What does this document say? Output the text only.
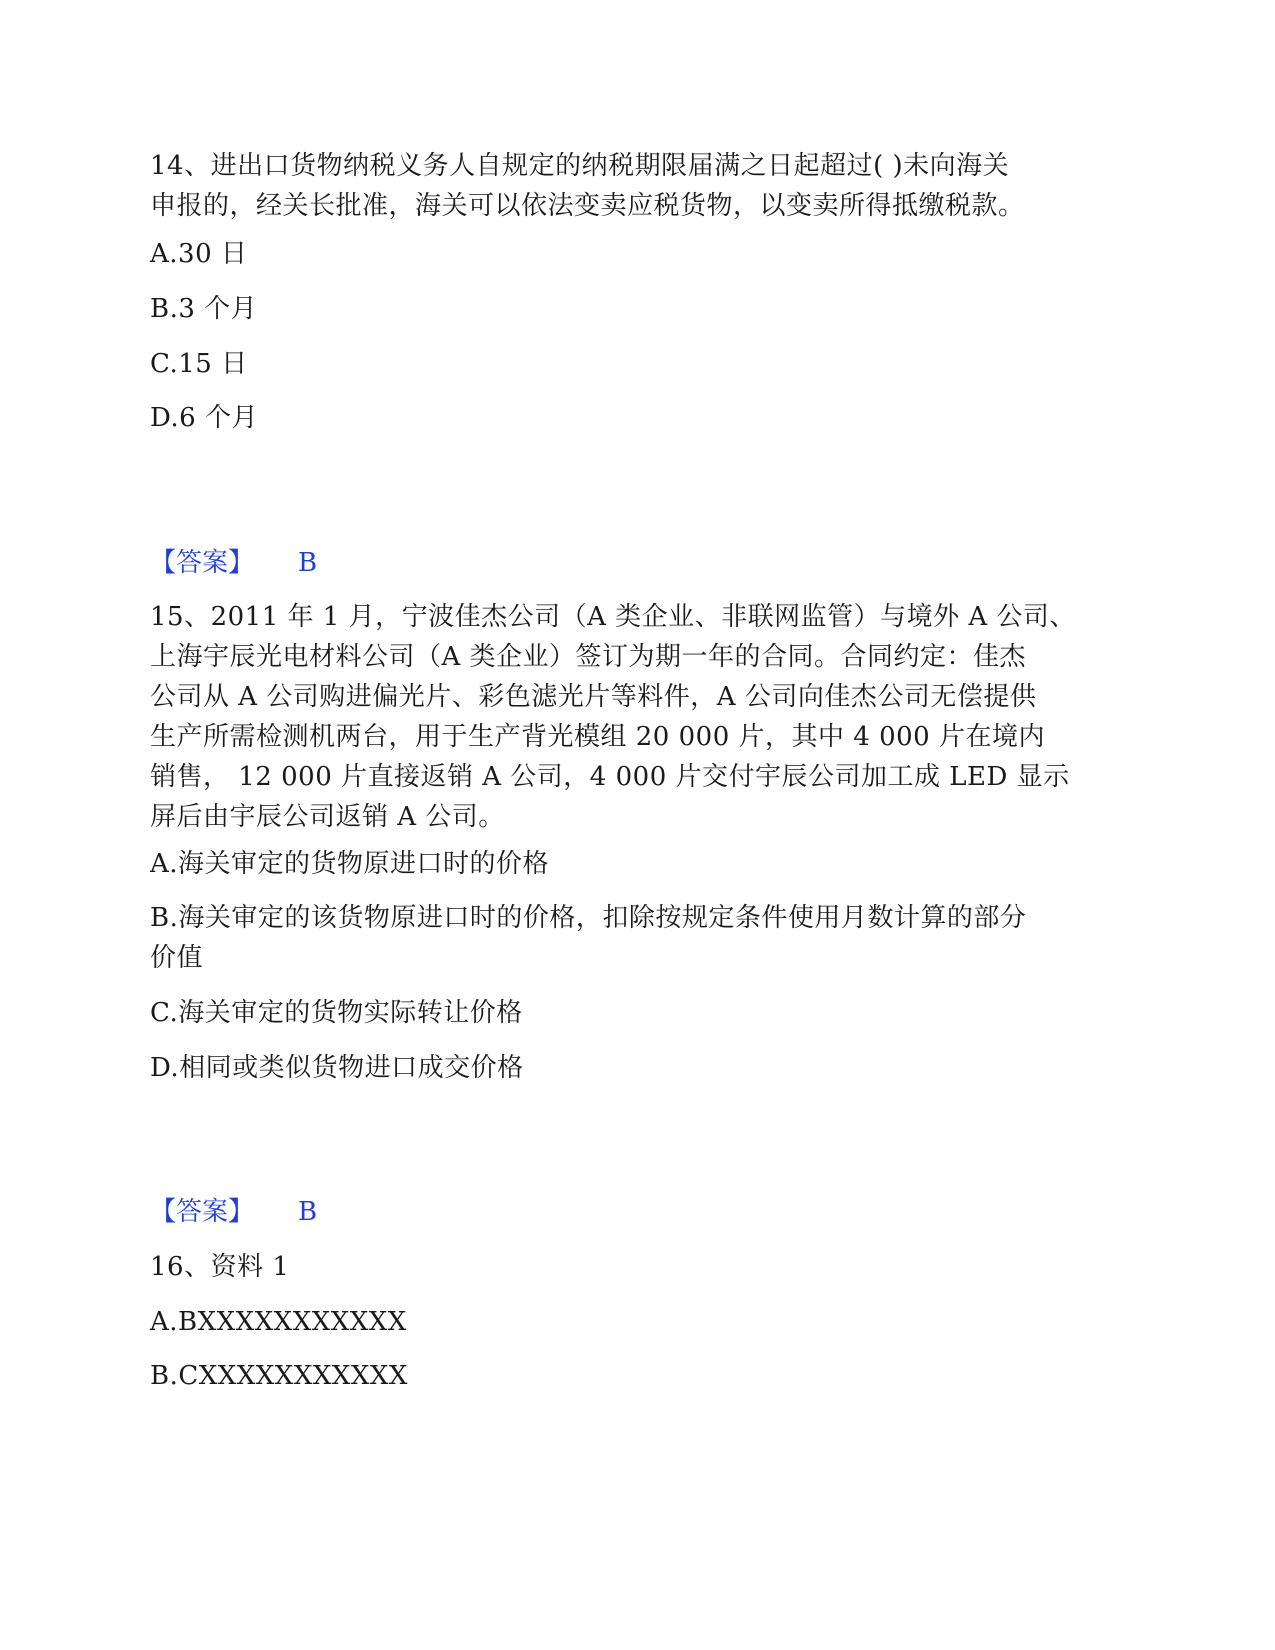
14、进出口货物纳税义务人自规定的纳税期限届满之日起超过( )未向海关
申报的，经关长批准，海关可以依法变卖应税货物，以变卖所得抵缴税款。

A.30 日

B.3 个月

C.15 日

D.6 个月

【答案】 B

15、2011 年 1 月，宁波佳杰公司（A 类企业、非联网监管）与境外 A 公司、
上海宇辰光电材料公司（A 类企业）签订为期一年的合同。合同约定：佳杰
公司从 A 公司购进偏光片、彩色滤光片等料件，A 公司向佳杰公司无偿提供
生产所需检测机两台，用于生产背光模组 20 000 片，其中 4 000 片在境内
销售， 12 000 片直接返销 A 公司，4 000 片交付宇辰公司加工成 LED 显示
屏后由宇辰公司返销 A 公司。

A.海关审定的货物原进口时的价格

B.海关审定的该货物原进口时的价格，扣除按规定条件使用月数计算的部分
价值

C.海关审定的货物实际转让价格

D.相同或类似货物进口成交价格

【答案】 B

16、资料 1

A.BXXXXXXXXXXX

B.CXXXXXXXXXXX
